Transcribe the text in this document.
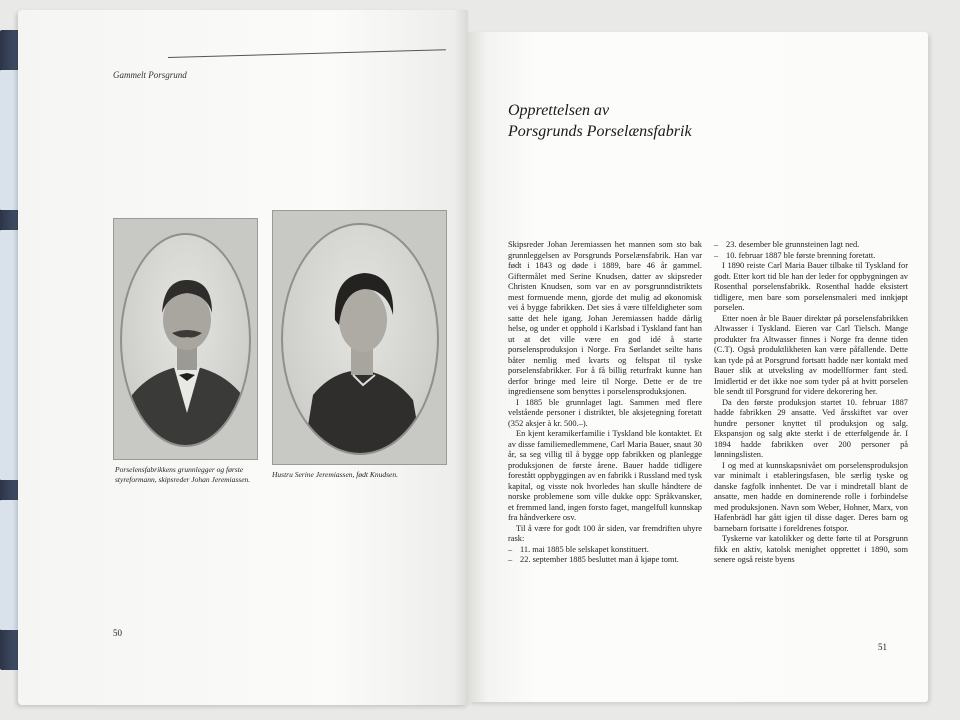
Gammelt Porsgrund
Porselensfabrikkens grunnlegger og første styreformann, skipsreder Johan Jeremiassen.
Hustru Serine Jeremiassen, født Knudsen.
50
Opprettelsen av
Porsgrunds Porselænsfabrik

Skipsreder Johan Jeremiassen het mannen som sto bak grunnleggelsen av Porsgrunds Porselænsfabrik. Han var født i 1843 og døde i 1889, bare 46 år gammel. Giftermålet med Serine Knudsen, datter av skipsreder Christen Knudsen, som var en av porsgrunndistriktets mest formuende menn, gjorde det mulig ad økonomisk vei å bygge fabrikken. Det sies å være tilfeldigheter som satte det hele igang. Johan Jeremiassen hadde dårlig helse, og under et opphold i Karlsbad i Tyskland fant han ut at det ville være en god idé å starte porselensproduksjon i Norge. Fra Sørlandet seilte hans båter nemlig med kvarts og feltspat til tyske porselensfabrikker. For å få billig returfrakt kunne han derfor bringe med leire til Norge. Dette er de tre ingrediensene som benyttes i porselensproduksjonen.

I 1885 ble grunnlaget lagt. Sammen med flere velstående personer i distriktet, ble aksjetegning foretatt (352 aksjer à kr. 500.–).

En kjent keramikerfamilie i Tyskland ble kontaktet. Et av disse familiemedlemmene, Carl Maria Bauer, snaut 30 år, sa seg villig til å bygge opp fabrikken og planlegge produksjonen de første årene. Bauer hadde tidligere forestått oppbyggingen av en fabrikk i Russland med tysk kapital, og visste nok hvorledes han skulle håndtere de norske problemene som ville dukke opp: Språkvansker, et fremmed land, ingen forsto faget, mangelfull kunnskap fra håndverkere osv.

Til å være for godt 100 år siden, var fremdriften uhyre rask:

– 11. mai 1885 ble selskapet konstituert.

– 22. september 1885 besluttet man å kjøpe tomt.

– 23. desember ble grunnsteinen lagt ned.

– 10. februar 1887 ble første brenning foretatt.

I 1890 reiste Carl Maria Bauer tilbake til Tyskland for godt. Etter kort tid ble han der leder for oppbygningen av Rosenthal porselensfabrikk. Rosenthal hadde eksistert tidligere, men bare som porselensmaleri med innkjøpt porselen.

Etter noen år ble Bauer direktør på porselensfabrikken Altwasser i Tyskland. Eieren var Carl Tielsch. Mange produkter fra Altwasser finnes i Norge fra denne tiden (C.T). Også produktlikheten kan være påfallende. Dette kan tyde på at Porsgrund fortsatt hadde nær kontakt med Bauer slik at utveksling av modellformer fant sted. Imidlertid er det ikke noe som tyder på at hvitt porselen ble sendt til Porsgrund for videre dekorering her.

Da den første produksjon startet 10. februar 1887 hadde fabrikken 29 ansatte. Ved årsskiftet var over hundre personer knyttet til produksjon og salg. Ekspansjon og salg økte sterkt i de etterfølgende år. I 1894 hadde fabrikken over 200 personer på lønningslisten.

I og med at kunnskapsnivået om porselensproduksjon var minimalt i etableringsfasen, ble særlig tyske og danske fagfolk innhentet. De var i mindretall blant de ansatte, men hadde en dominerende rolle i forbindelse med produksjonen. Navn som Weber, Hohner, Marx, von Hafenbrädl har gått igjen til disse dager. Deres barn og barnebarn fortsatte i foreldrenes fotspor.

Tyskerne var katolikker og dette førte til at Porsgrunn fikk en aktiv, katolsk menighet opprettet i 1890, som senere også reiste byens

51
